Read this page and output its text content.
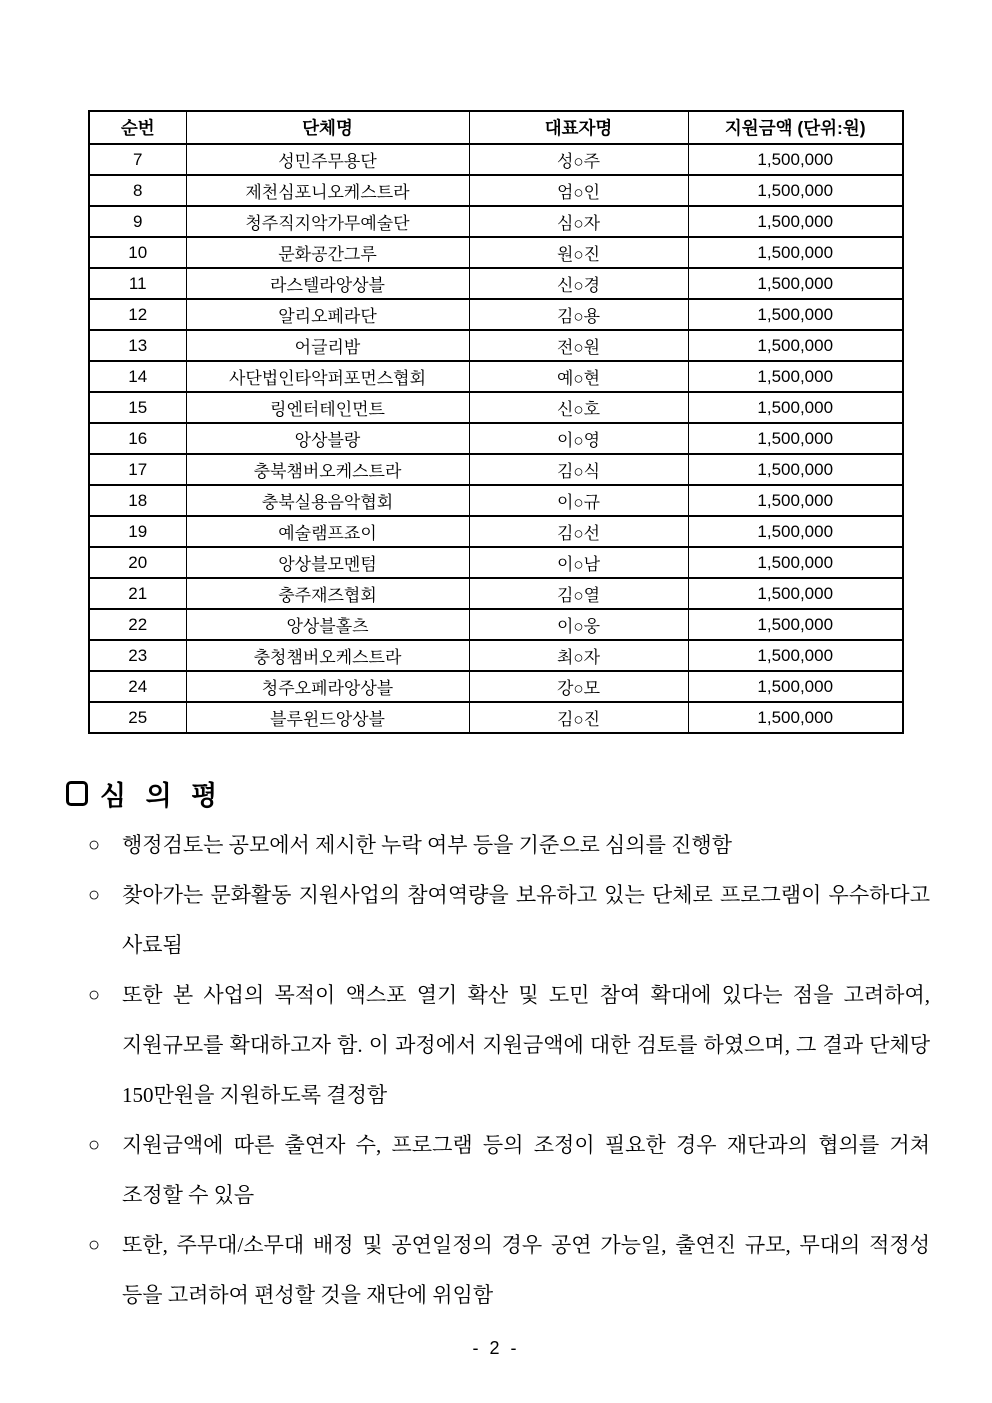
순번	단체명	대표자명	지원금액 (단위:원)
7	성민주무용단	성○주	1,500,000
8	제천심포니오케스트라	엄○인	1,500,000
9	청주직지악가무예술단	심○자	1,500,000
10	문화공간그루	원○진	1,500,000
11	라스텔라앙상블	신○경	1,500,000
12	알리오페라단	김○용	1,500,000
13	어글리밤	전○원	1,500,000
14	사단법인타악퍼포먼스협회	예○현	1,500,000
15	링엔터테인먼트	신○호	1,500,000
16	앙상블랑	이○영	1,500,000
17	충북챔버오케스트라	김○식	1,500,000
18	충북실용음악협회	이○규	1,500,000
19	예술램프죠이	김○선	1,500,000
20	앙상블모멘텀	이○남	1,500,000
21	충주재즈협회	김○열	1,500,000
22	앙상블홀츠	이○웅	1,500,000
23	충청챔버오케스트라	최○자	1,500,000
24	청주오페라앙상블	강○모	1,500,000
25	블루윈드앙상블	김○진	1,500,000
심 의 평
○	행정검토는 공모에서 제시한 누락 여부 등을 기준으로 심의를 진행함
○	찾아가는 문화활동 지원사업의 참여역량을 보유하고 있는 단체로 프로그램이 우수하다고 사료됨
○	또한 본 사업의 목적이 액스포 열기 확산 및 도민 참여 확대에 있다는 점을 고려하여, 지원규모를 확대하고자 함. 이 과정에서 지원금액에 대한 검토를 하였으며, 그 결과 단체당 150만원을 지원하도록 결정함
○	지원금액에 따른 출연자 수, 프로그램 등의 조정이 필요한 경우 재단과의 협의를 거쳐 조정할 수 있음
○	또한, 주무대/소무대 배정 및 공연일정의 경우 공연 가능일, 출연진 규모, 무대의 적정성 등을 고려하여 편성할 것을 재단에 위임함
- 2 -
